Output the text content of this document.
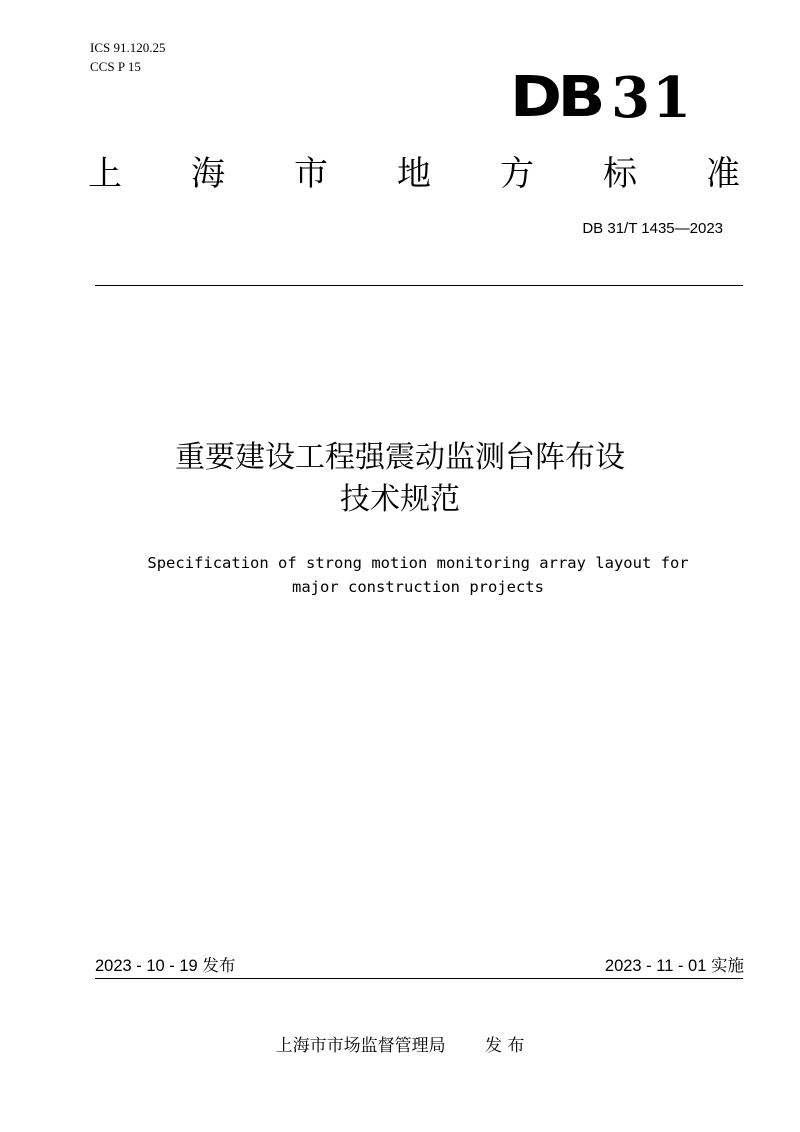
ICS 91.120.25
CCS P 15	DB 31
上 海 市 地 方 标 准
DB 31/T 1435—2023
重要建设工程强震动监测台阵布设
技术规范
Specification of strong motion monitoring array layout for
major construction projects
2023 - 10 - 19 发布	2023 - 11 - 01 实施
上海市市场监督管理局 发 布
